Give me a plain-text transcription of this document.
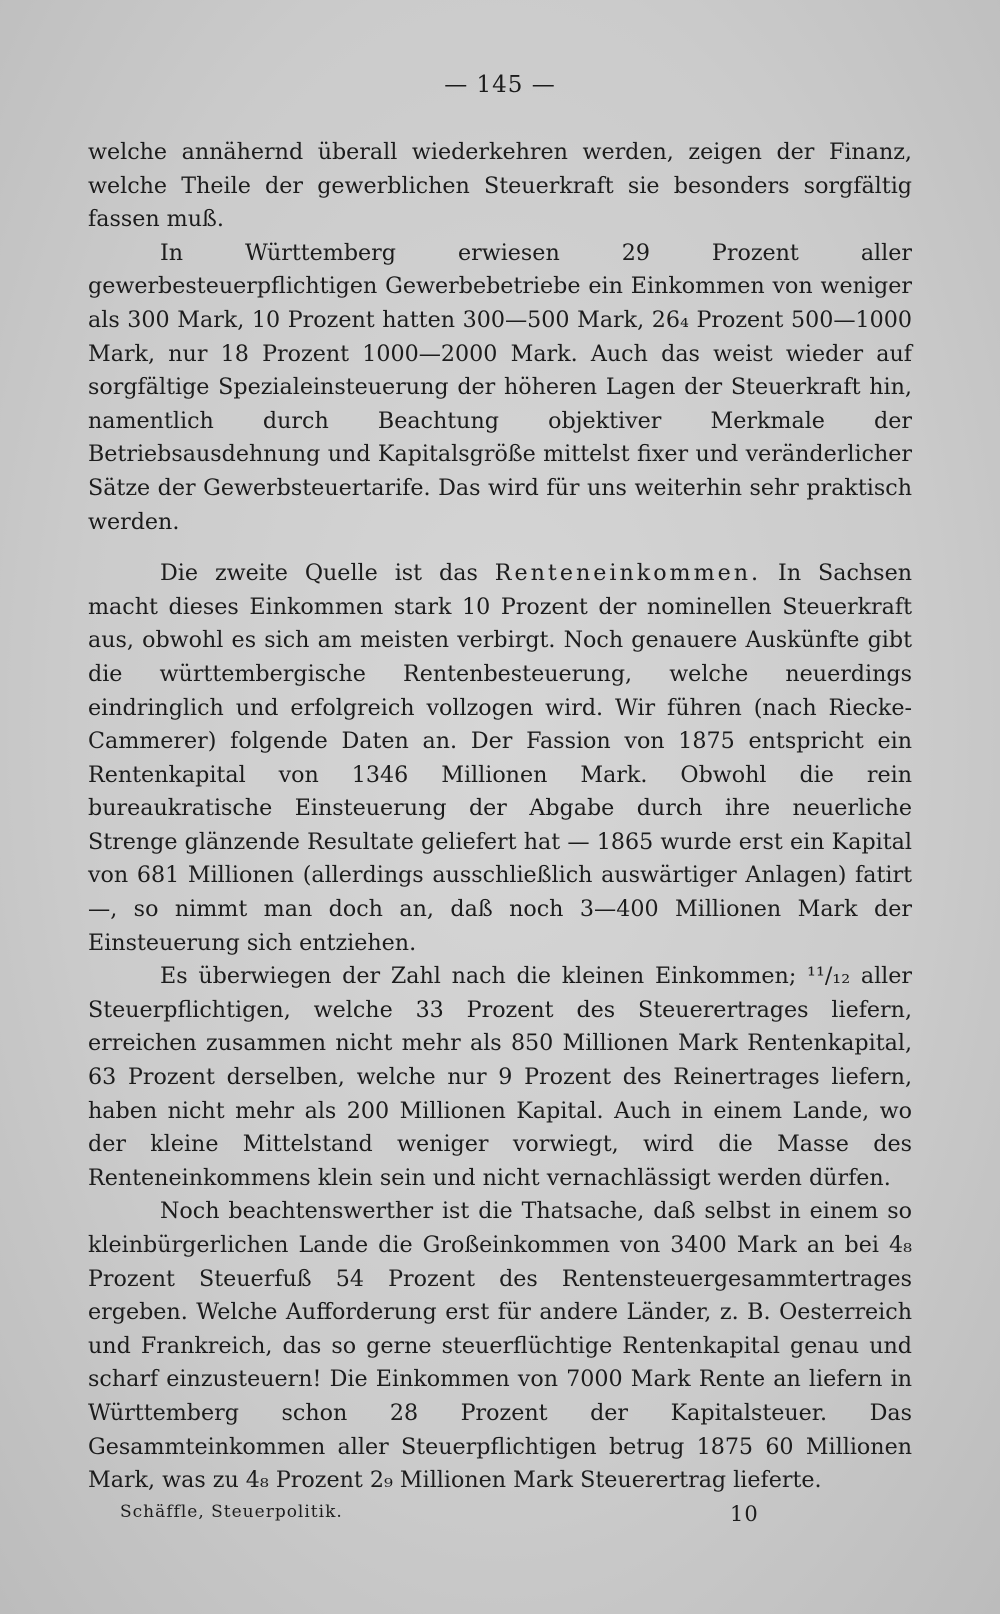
— 145 —

welche annähernd überall wiederkehren werden, zeigen der Finanz, welche Theile der gewerblichen Steuerkraft sie besonders sorgfältig fassen muß.

In Württemberg erwiesen 29 Prozent aller gewerbesteuerpflichtigen Gewerbebetriebe ein Einkommen von weniger als 300 Mark, 10 Prozent hatten 300—500 Mark, 26₄ Prozent 500—1000 Mark, nur 18 Prozent 1000—2000 Mark. Auch das weist wieder auf sorgfältige Spezialeinsteuerung der höheren Lagen der Steuerkraft hin, namentlich durch Beachtung objektiver Merkmale der Betriebsausdehnung und Kapitalsgröße mittelst fixer und veränderlicher Sätze der Gewerbsteuertarife. Das wird für uns weiterhin sehr praktisch werden.

Die zweite Quelle ist das Renteneinkommen. In Sachsen macht dieses Einkommen stark 10 Prozent der nominellen Steuerkraft aus, obwohl es sich am meisten verbirgt. Noch genauere Auskünfte gibt die württembergische Rentenbesteuerung, welche neuerdings eindringlich und erfolgreich vollzogen wird. Wir führen (nach Riecke-Cammerer) folgende Daten an. Der Fassion von 1875 entspricht ein Rentenkapital von 1346 Millionen Mark. Obwohl die rein bureaukratische Einsteuerung der Abgabe durch ihre neuerliche Strenge glänzende Resultate geliefert hat — 1865 wurde erst ein Kapital von 681 Millionen (allerdings ausschließlich auswärtiger Anlagen) fatirt —, so nimmt man doch an, daß noch 3—400 Millionen Mark der Einsteuerung sich entziehen.

Es überwiegen der Zahl nach die kleinen Einkommen; ¹¹/₁₂ aller Steuerpflichtigen, welche 33 Prozent des Steuerertrages liefern, erreichen zusammen nicht mehr als 850 Millionen Mark Rentenkapital, 63 Prozent derselben, welche nur 9 Prozent des Reinertrages liefern, haben nicht mehr als 200 Millionen Kapital. Auch in einem Lande, wo der kleine Mittelstand weniger vorwiegt, wird die Masse des Renteneinkommens klein sein und nicht vernachlässigt werden dürfen.

Noch beachtenswerther ist die Thatsache, daß selbst in einem so kleinbürgerlichen Lande die Großeinkommen von 3400 Mark an bei 4₈ Prozent Steuerfuß 54 Prozent des Rentensteuergesammtertrages ergeben. Welche Aufforderung erst für andere Länder, z. B. Oesterreich und Frankreich, das so gerne steuerflüchtige Rentenkapital genau und scharf einzusteuern! Die Einkommen von 7000 Mark Rente an liefern in Württemberg schon 28 Prozent der Kapitalsteuer. Das Gesammteinkommen aller Steuerpflichtigen betrug 1875 60 Millionen Mark, was zu 4₈ Prozent 2₉ Millionen Mark Steuerertrag lieferte.

Schäffle, Steuerpolitik.	10
